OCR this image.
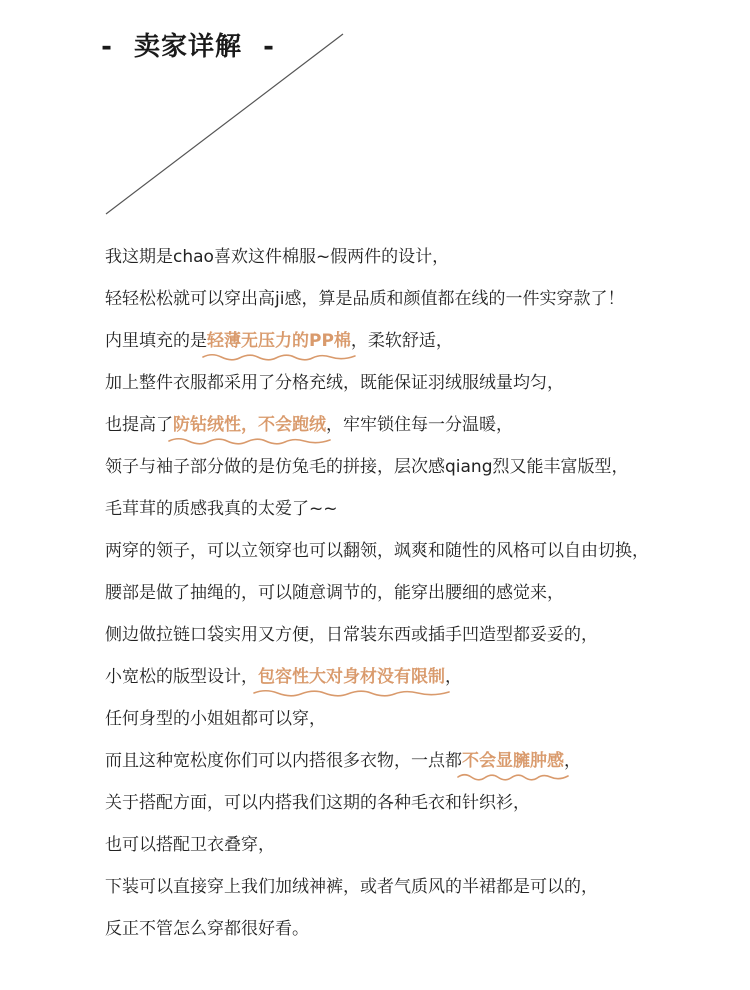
- 卖家详解 -
我这期是chao喜欢这件棉服~假两件的设计，
轻轻松松就可以穿出高ji感，算是品质和颜值都在线的一件实穿款了！
内里填充的是轻薄无压力的PP棉
，柔软舒适，
加上整件衣服都采用了分格充绒，既能保证羽绒服绒量均匀，
也提高了防钻绒性，不会跑绒
，牢牢锁住每一分温暖，
领子与袖子部分做的是仿兔毛的拼接，层次感qiang烈又能丰富版型，
毛茸茸的质感我真的太爱了~~
两穿的领子，可以立领穿也可以翻领，飒爽和随性的风格可以自由切换，
腰部是做了抽绳的，可以随意调节的，能穿出腰细的感觉来，
侧边做拉链口袋实用又方便，日常装东西或插手凹造型都妥妥的，
小宽松的版型设计，包容性大对身材没有限制
，
任何身型的小姐姐都可以穿，
而且这种宽松度你们可以内搭很多衣物，一点都不会显臃肿感
，
关于搭配方面，可以内搭我们这期的各种毛衣和针织衫，
也可以搭配卫衣叠穿，
下装可以直接穿上我们加绒神裤，或者气质风的半裙都是可以的，
反正不管怎么穿都很好看。
